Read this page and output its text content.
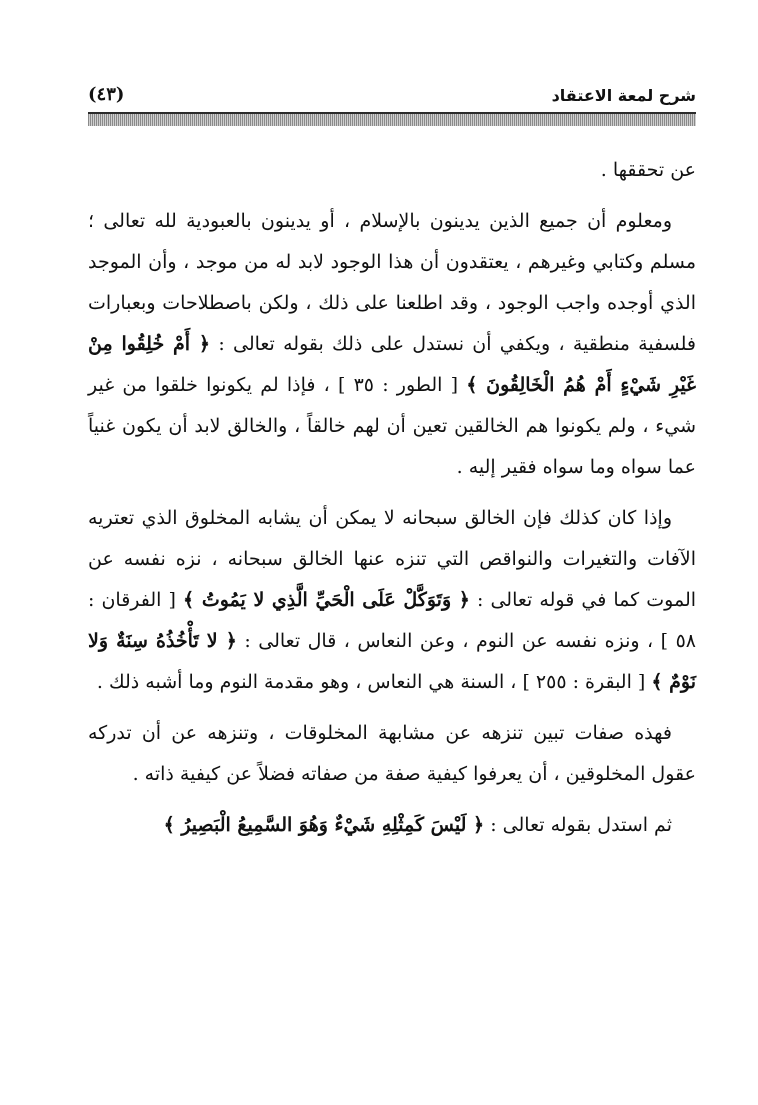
شرح لمعة الاعتقاد
(٤٣)

عن تحققها .

ومعلوم أن جميع الذين يدينون بالإسلام ، أو يدينون بالعبودية لله تعالى ؛ مسلم وكتابي وغيرهم ، يعتقدون أن هذا الوجود لابد له من موجد ، وأن الموجد الذي أوجده واجب الوجود ، وقد اطلعنا على ذلك ، ولكن باصطلاحات وبعبارات فلسفية منطقية ، ويكفي أن نستدل على ذلك بقوله تعالى : ﴿ أَمْ خُلِقُوا مِنْ غَيْرِ شَيْءٍ أَمْ هُمُ الْخَالِقُونَ ﴾ [ الطور : ٣٥ ] ، فإذا لم يكونوا خلقوا من غير شيء ، ولم يكونوا هم الخالقين تعين أن لهم خالقاً ، والخالق لابد أن يكون غنياً عما سواه وما سواه فقير إليه .

وإذا كان كذلك فإن الخالق سبحانه لا يمكن أن يشابه المخلوق الذي تعتريه الآفات والتغيرات والنواقص التي تنزه عنها الخالق سبحانه ، نزه نفسه عن الموت كما في قوله تعالى : ﴿ وَتَوَكَّلْ عَلَى الْحَيِّ الَّذِي لا يَمُوتُ ﴾ [ الفرقان : ٥٨ ] ، ونزه نفسه عن النوم ، وعن النعاس ، قال تعالى : ﴿ لا تَأْخُذُهُ سِنَةٌ وَلا نَوْمٌ ﴾ [ البقرة : ٢٥٥ ] ، السنة هي النعاس ، وهو مقدمة النوم وما أشبه ذلك .

فهذه صفات تبين تنزهه عن مشابهة المخلوقات ، وتنزهه عن أن تدركه عقول المخلوقين ، أن يعرفوا كيفية صفة من صفاته فضلاً عن كيفية ذاته .

ثم استدل بقوله تعالى : ﴿ لَيْسَ كَمِثْلِهِ شَيْءٌ وَهُوَ السَّمِيعُ الْبَصِيرُ ﴾
